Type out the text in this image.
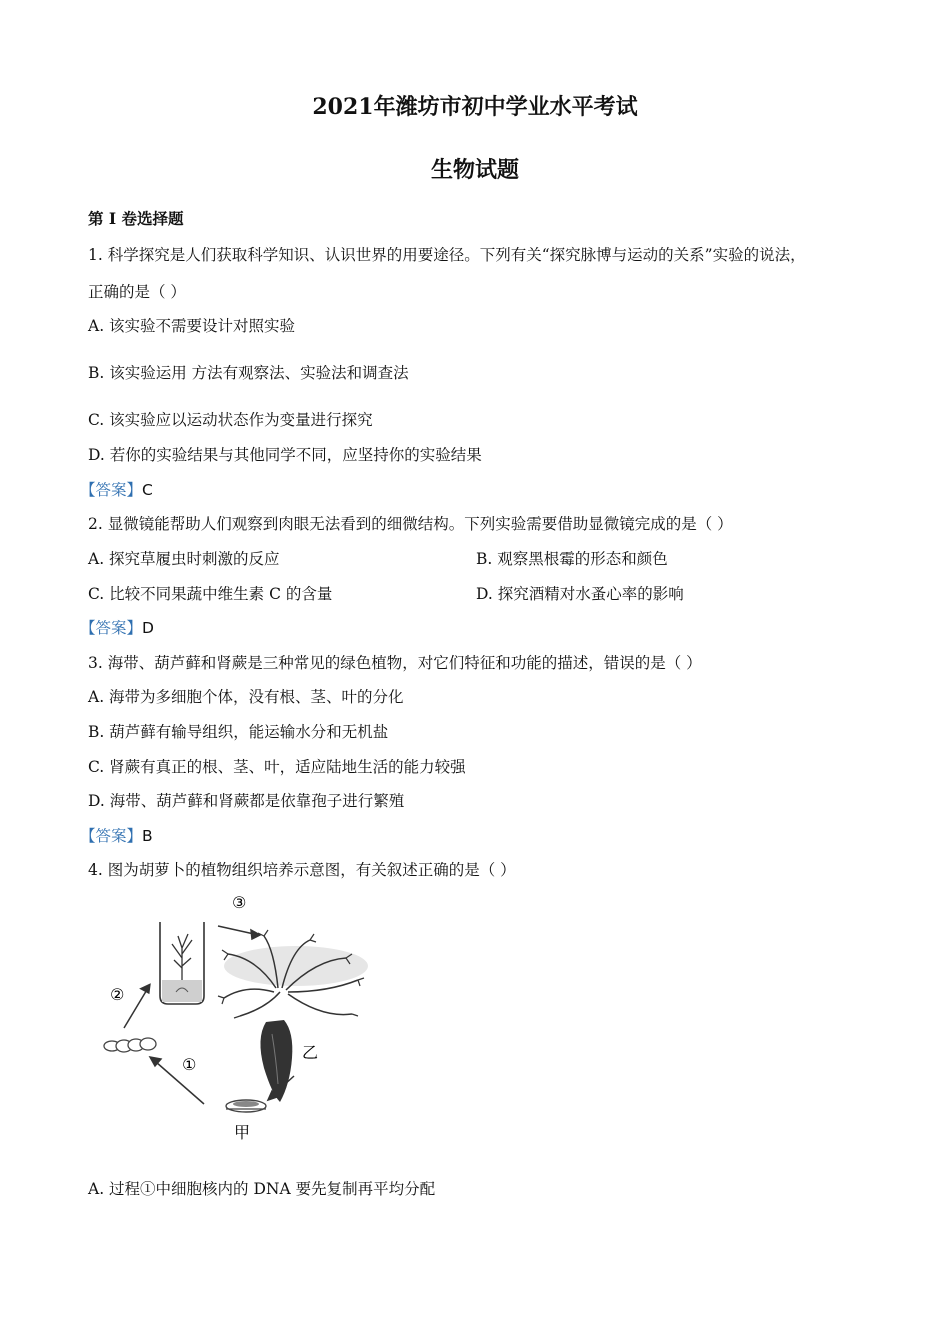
2021年潍坊市初中学业水平考试
生物试题
第 I 卷选择题
1. 科学探究是人们获取科学知识、认识世界的用要途径。下列有关“探究脉博与运动的关系”实验的说法，
正确的是（ ）
A. 该实验不需要设计对照实验
B. 该实验运用 方法有观察法、实验法和调查法
C. 该实验应以运动状态作为变量进行探究
D. 若你的实验结果与其他同学不同，应坚持你的实验结果
【答案】C
2. 显微镜能帮助人们观察到肉眼无法看到的细微结构。下列实验需要借助显微镜完成的是（ ）
A. 探究草履虫时刺激的反应	B. 观察黑根霉的形态和颜色
C. 比较不同果蔬中维生素 C 的含量	D. 探究酒精对水蚤心率的影响
【答案】D
3. 海带、葫芦藓和肾蕨是三种常见的绿色植物，对它们特征和功能的描述，错误的是（ ）
A. 海带为多细胞个体，没有根、茎、叶的分化
B. 葫芦藓有输导组织，能运输水分和无机盐
C. 肾蕨有真正的根、茎、叶，适应陆地生活的能力较强
D. 海带、葫芦藓和肾蕨都是依靠孢子进行繁殖
【答案】B
4. 图为胡萝卜的植物组织培养示意图，有关叙述正确的是（ ）
③
②
①
乙
甲
A. 过程①中细胞核内的 DNA 要先复制再平均分配
